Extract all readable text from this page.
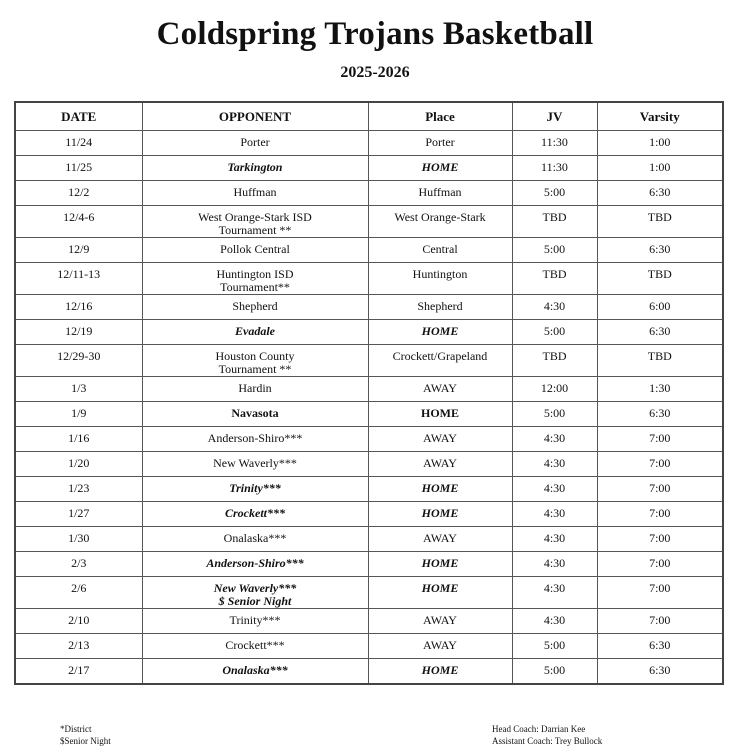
Coldspring Trojans Basketball
2025-2026
DATE	OPPONENT	Place	JV	Varsity
11/24	Porter	Porter	11:30	1:00
11/25	Tarkington	HOME	11:30	1:00
12/2	Huffman	Huffman	5:00	6:30
12/4-6	West Orange-Stark ISD
Tournament **	West Orange-Stark	TBD	TBD
12/9	Pollok Central	Central	5:00	6:30
12/11-13	Huntington ISD
Tournament**	Huntington	TBD	TBD
12/16	Shepherd	Shepherd	4:30	6:00
12/19	Evadale	HOME	5:00	6:30
12/29-30	Houston County
Tournament **	Crockett/Grapeland	TBD	TBD
1/3	Hardin	AWAY	12:00	1:30
1/9	Navasota	HOME	5:00	6:30
1/16	Anderson-Shiro***	AWAY	4:30	7:00
1/20	New Waverly***	AWAY	4:30	7:00
1/23	Trinity***	HOME	4:30	7:00
1/27	Crockett***	HOME	4:30	7:00
1/30	Onalaska***	AWAY	4:30	7:00
2/3	Anderson-Shiro***	HOME	4:30	7:00
2/6	New Waverly***
$ Senior Night	HOME	4:30	7:00
2/10	Trinity***	AWAY	4:30	7:00
2/13	Crockett***	AWAY	5:00	6:30
2/17	Onalaska***	HOME	5:00	6:30
*District
$Senior Night
Head Coach: Darrian Kee
Assistant Coach: Trey Bullock
